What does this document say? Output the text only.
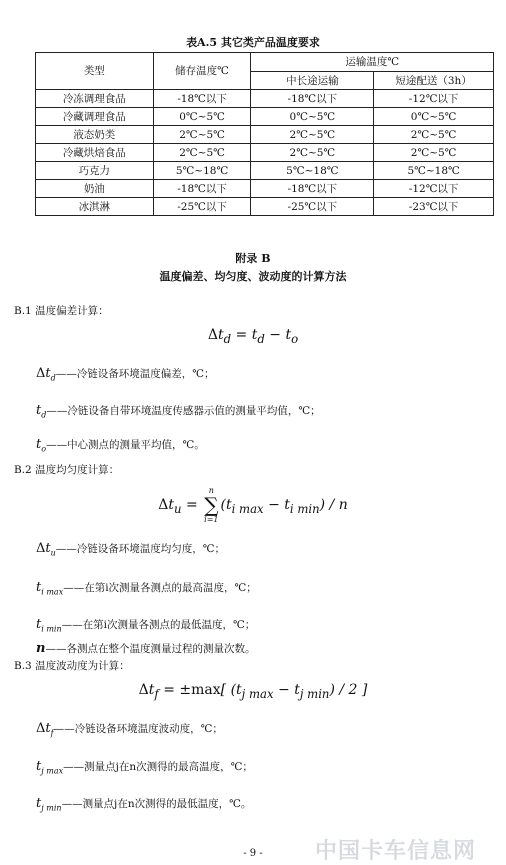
表A.5 其它类产品温度要求
类型	储存温度℃	运输温度℃	
		中长途运输	短途配送（3h）
冷冻调理食品	-18℃以下	-18℃以下	-12℃以下
冷藏调理食品	0℃~5℃	0℃~5℃	0℃~5℃
液态奶类	2℃~5℃	2℃~5℃	2℃~5℃
冷藏烘焙食品	2℃~5℃	2℃~5℃	2℃~5℃
巧克力	5℃~18℃	5℃~18℃	5℃~18℃
奶油	-18℃以下	-18℃以下	-12℃以下
冰淇淋	-25℃以下	-25℃以下	-23℃以下
附录 B
温度偏差、均匀度、波动度的计算方法
B.1 温度偏差计算：
$\Delta t_d = t_d - t_o$
$\Delta t_d——$冷链设备环境温度偏差，℃；
$t_d——$冷链设备自带环境温度传感器示值的测量平均值，℃；
$t_o——$中心测点的测量平均值，℃。
B.2 温度均匀度计算：
$\Delta t_u$ =
n
∑
i=1
$(t_{i max} - t_{i min}) / n$
$\Delta t_u——$冷链设备环境温度均匀度，℃；
$t_{i max}——$在第i次测量各测点的最高温度，℃；
$t_{i min}——$在第i次测量各测点的最低温度，℃；
n——各测点在整个温度测量过程的测量次数。
B.3 温度波动度为计算：
$\Delta t_f = \pm\max$[ $(t_{j max} - t_{j min}) / 2$ ]
$\Delta t_f——$冷链设备环境温度波动度，℃；
$t_{j max}——$测量点j在n次测得的最高温度，℃；
$t_{j min}——$测量点j在n次测得的最低温度，℃。
中国卡车信息网
- 9 -
